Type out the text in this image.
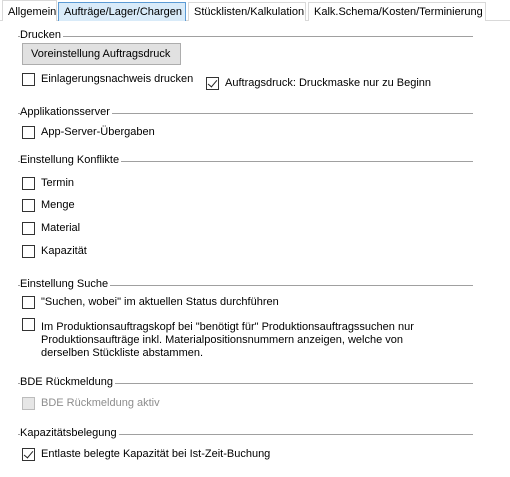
Allgemein Aufträge/Lager/Chargen	Stücklisten/Kalkulation Kalk.Schema/Kosten/Terminierung
Drucken
Voreinstellung Auftragsdruck
Einlagerungsnachweis drucken	Auftragsdruck: Druckmaske nur zu Beginn
Applikationsserver
App-Server-Übergaben
Einstellung Konflikte
Termin
Menge
Material
Kapazität
Einstellung Suche
"Suchen, wobei" im aktuellen Status durchführen
Im Produktionsauftragskopf bei "benötigt für" Produktionsauftragssuchen nur Produktionsaufträge inkl. Materialpositionsnummern anzeigen, welche von derselben Stückliste abstammen.
BDE Rückmeldung
BDE Rückmeldung aktiv
Kapazitätsbelegung
Entlaste belegte Kapazität bei Ist-Zeit-Buchung
